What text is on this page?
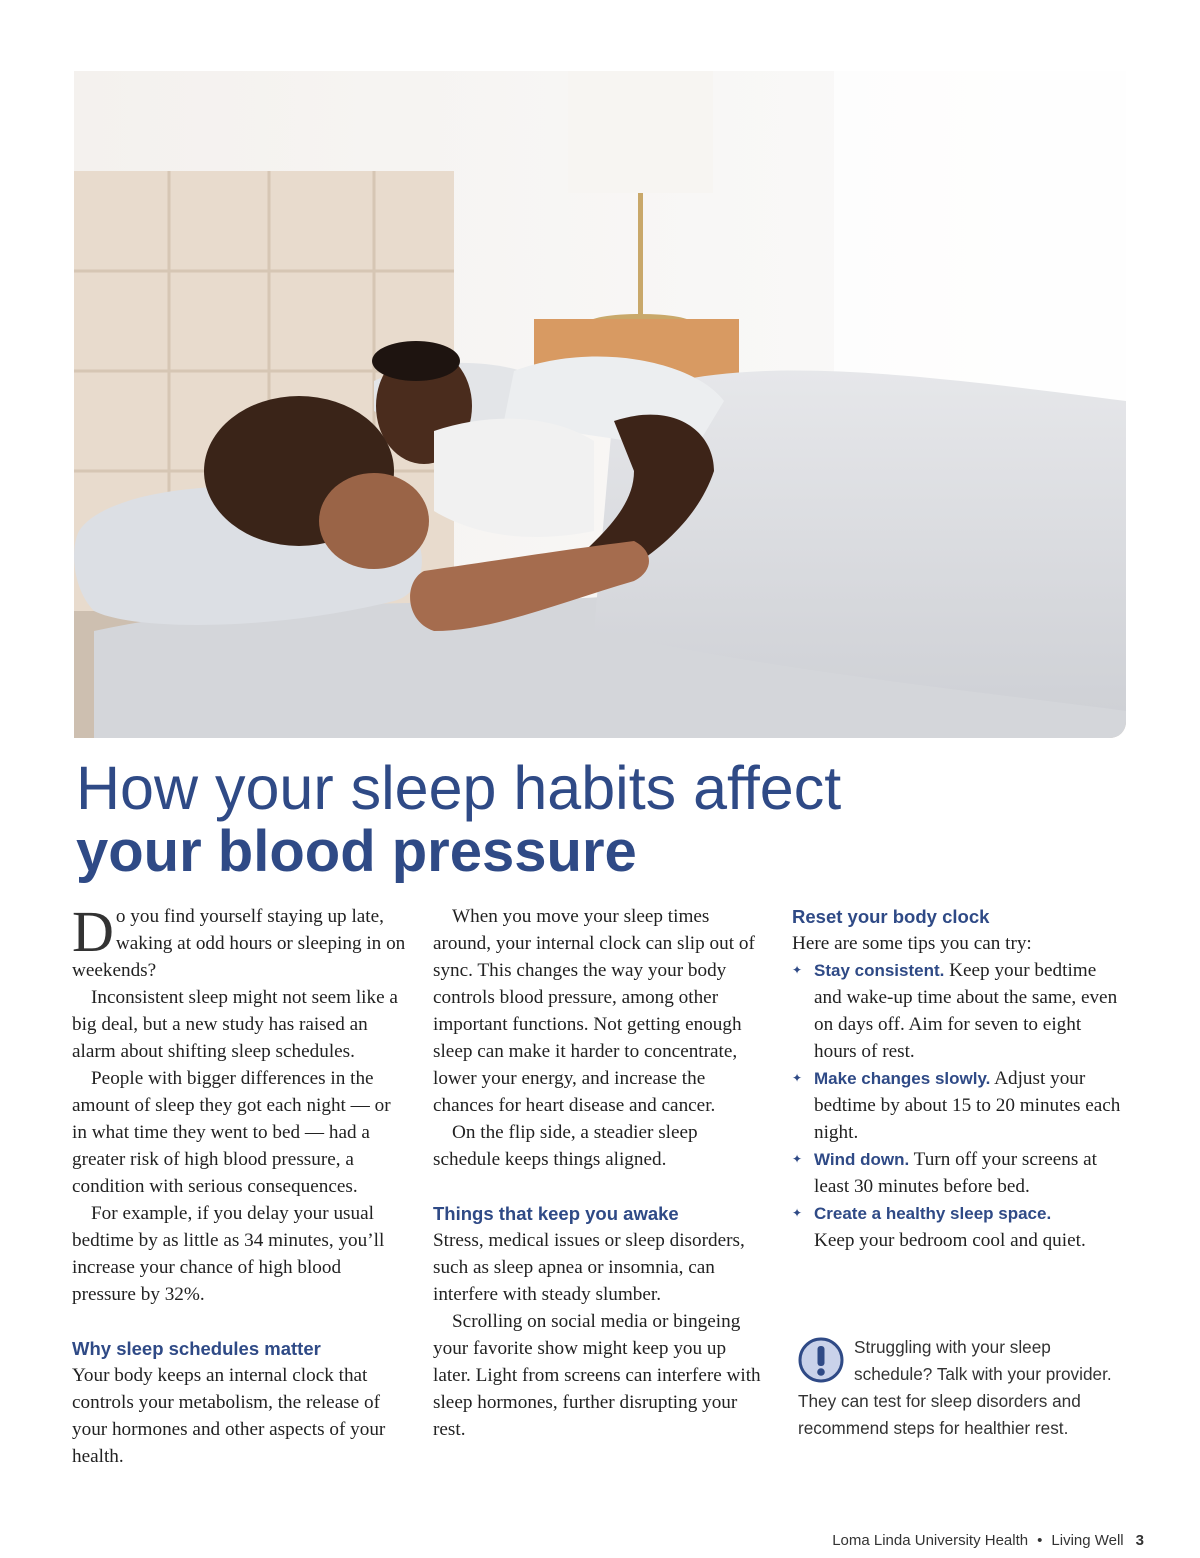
How your sleep habits affect
your blood pressure

Do you find yourself staying up late, waking at odd hours or sleeping in on weekends?

Inconsistent sleep might not seem like a big deal, but a new study has raised an alarm about shifting sleep schedules.

People with bigger differences in the amount of sleep they got each night — or in what time they went to bed — had a greater risk of high blood pressure, a condition with serious consequences.

For example, if you delay your usual bedtime by as little as 34 minutes, you’ll increase your chance of high blood pressure by 32%.

Why sleep schedules matter

Your body keeps an internal clock that controls your metabolism, the release of your hormones and other aspects of your health.

When you move your sleep times around, your internal clock can slip out of sync. This changes the way your body controls blood pressure, among other important functions. Not getting enough sleep can make it harder to concentrate, lower your energy, and increase the chances for heart disease and cancer.

On the flip side, a steadier sleep schedule keeps things aligned.

Things that keep you awake

Stress, medical issues or sleep disorders, such as sleep apnea or insomnia, can interfere with steady slumber.

Scrolling on social media or bingeing your favorite show might keep you up later. Light from screens can interfere with sleep hormones, further disrupting your rest.

Reset your body clock

Here are some tips you can try:

✦ Stay consistent. Keep your bedtime and wake-up time about the same, even on days off. Aim for seven to eight hours of rest.
✦ Make changes slowly. Adjust your bedtime by about 15 to 20 minutes each night.
✦ Wind down. Turn off your screens at least 30 minutes before bed.
✦ Create a healthy sleep space.
Keep your bedroom cool and quiet.
Struggling with your sleep schedule? Talk with your provider. They can test for sleep disorders and recommend steps for healthier rest.
Loma Linda University Health • Living Well 3
